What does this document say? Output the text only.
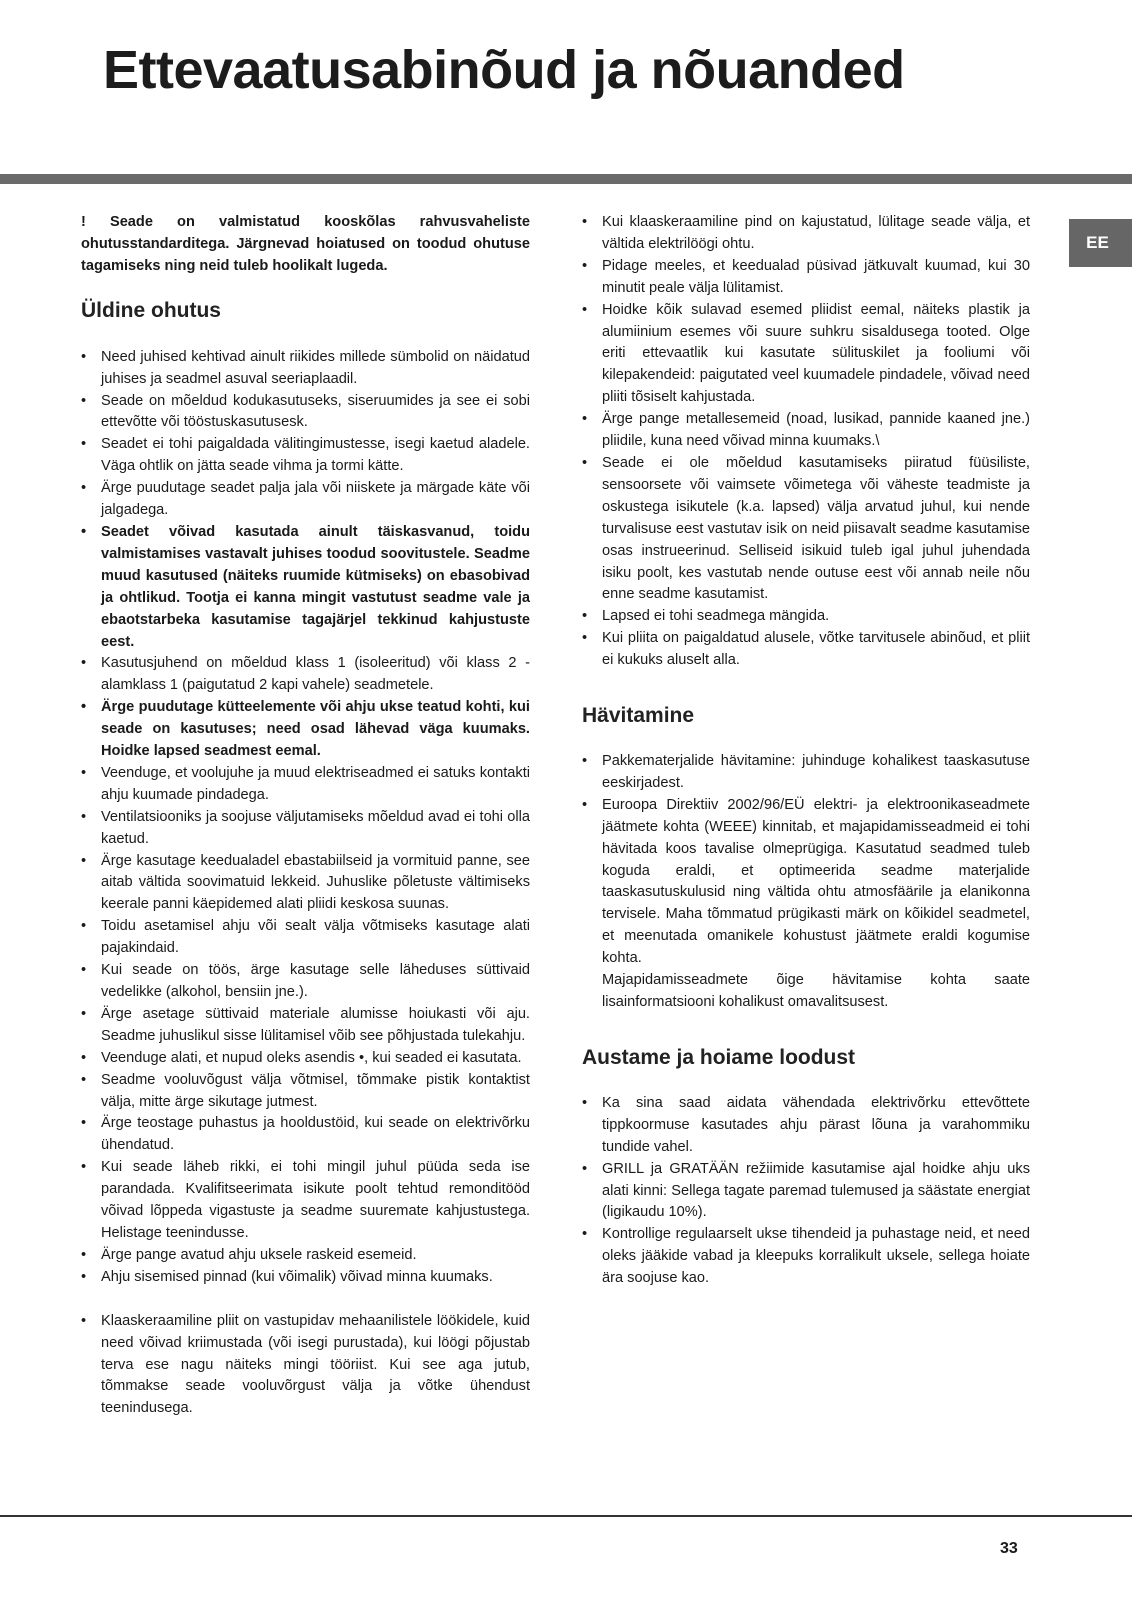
Ettevaatusabinõud ja nõuanded
EE

! Seade on valmistatud kooskõlas rahvusvaheliste ohutusstandarditega. Järgnevad hoiatused on toodud ohutuse tagamiseks ning neid tuleb hoolikalt lugeda.

Üldine ohutus
• Need juhised kehtivad ainult riikides millede sümbolid on näidatud juhises ja seadmel asuval seeriaplaadil.
• Seade on mõeldud kodukasutuseks, siseruumides ja see ei sobi ettevõtte või tööstuskasutusesk.
• Seadet ei tohi paigaldada välitingimustesse, isegi kaetud aladele. Väga ohtlik on jätta seade vihma ja tormi kätte.
• Ärge puudutage seadet palja jala või niiskete ja märgade käte või jalgadega.
• Seadet võivad kasutada ainult täiskasvanud, toidu valmistamises vastavalt juhises toodud soovitustele. Seadme muud kasutused (näiteks ruumide kütmiseks) on ebasobivad ja ohtlikud. Tootja ei kanna mingit vastutust seadme vale ja ebaotstarbeka kasutamise tagajärjel tekkinud kahjustuste eest.
• Kasutusjuhend on mõeldud klass 1 (isoleeritud) või klass 2 - alamklass 1 (paigutatud 2 kapi vahele) seadmetele.
• Ärge puudutage kütteelemente või ahju ukse teatud kohti, kui seade on kasutuses; need osad lähevad väga kuumaks. Hoidke lapsed seadmest eemal.
• Veenduge, et voolujuhe ja muud elektriseadmed ei satuks kontakti ahju kuumade pindadega.
• Ventilatsiooniks ja soojuse väljutamiseks mõeldud avad ei tohi olla kaetud.
• Ärge kasutage keedualadel ebastabiilseid ja vormituid panne, see aitab vältida soovimatuid lekkeid. Juhuslike põletuste vältimiseks keerale panni käepidemed alati pliidi keskosa suunas.
• Toidu asetamisel ahju või sealt välja võtmiseks kasutage alati pajakindaid.
• Kui seade on töös, ärge kasutage selle läheduses süttivaid vedelikke (alkohol, bensiin jne.).
• Ärge asetage süttivaid materiale alumisse hoiukasti või aju. Seadme juhuslikul sisse lülitamisel võib see põhjustada tulekahju.
• Veenduge alati, et nupud oleks asendis •, kui seaded ei kasutata.
• Seadme vooluvõgust välja võtmisel, tõmmake pistik kontaktist välja, mitte ärge sikutage jutmest.
• Ärge teostage puhastus ja hooldustöid, kui seade on elektrivõrku ühendatud.
• Kui seade läheb rikki, ei tohi mingil juhul püüda seda ise parandada. Kvalifitseerimata isikute poolt tehtud remonditööd võivad lõppeda vigastuste ja seadme suuremate kahjustustega. Helistage teenindusse.
• Ärge pange avatud ahju uksele raskeid esemeid.
• Ahju sisemised pinnad (kui võimalik) võivad minna kuumaks.
• Klaaskeraamiline pliit on vastupidav mehaanilistele löökidele, kuid need võivad kriimustada (või isegi purustada), kui löögi põjustab terva ese nagu näiteks mingi tööriist. Kui see aga jutub, tõmmakse seade vooluvõrgust välja ja võtke ühendust teenindusega.
• Kui klaaskeraamiline pind on kajustatud, lülitage seade välja, et vältida elektrilöögi ohtu.
• Pidage meeles, et keedualad püsivad jätkuvalt kuumad, kui 30 minutit peale välja lülitamist.
• Hoidke kõik sulavad esemed pliidist eemal, näiteks plastik ja alumiinium esemes või suure suhkru sisaldusega tooted. Olge eriti ettevaatlik kui kasutate sülituskilet ja fooliumi või kilepakendeid: paigutated veel kuumadele pindadele, võivad need pliiti tõsiselt kahjustada.
• Ärge pange metallesemeid (noad, lusikad, pannide kaaned jne.) pliidile, kuna need võivad minna kuumaks.\
• Seade ei ole mõeldud kasutamiseks piiratud füüsiliste, sensoorsete või vaimsete võimetega või väheste teadmiste ja oskustega isikutele (k.a. lapsed) välja arvatud juhul, kui nende turvalisuse eest vastutav isik on neid piisavalt seadme kasutamise osas instrueerinud. Selliseid isikuid tuleb igal juhul juhendada isiku poolt, kes vastutab nende outuse eest või annab neile nõu enne seadme kasutamist.
• Lapsed ei tohi seadmega mängida.
• Kui pliita on paigaldatud alusele, võtke tarvitusele abinõud, et pliit ei kukuks aluselt alla.
Hävitamine
• Pakkematerjalide hävitamine: juhinduge kohalikest taaskasutuse eeskirjadest.
• Euroopa Direktiiv 2002/96/EÜ elektri- ja elektroonikaseadmete jäätmete kohta (WEEE) kinnitab, et majapidamisseadmeid ei tohi hävitada koos tavalise olmeprügiga. Kasutatud seadmed tuleb koguda eraldi, et optimeerida seadme materjalide taaskasutuskulusid ning vältida ohtu atmosfäärile ja elanikonna tervisele. Maha tõmmatud prügikasti märk on kõikidel seadmetel, et meenutada omanikele kohustust jäätmete eraldi kogumise kohta.
Majapidamisseadmete õige hävitamise kohta saate lisainformatsiooni kohalikust omavalitsusest.
Austame ja hoiame loodust
• Ka sina saad aidata vähendada elektrivõrku ettevõttete tippkoormuse kasutades ahju pärast lõuna ja varahommiku tundide vahel.
• GRILL ja GRATÄÄN režiimide kasutamise ajal hoidke ahju uks alati kinni: Sellega tagate paremad tulemused ja säästate energiat (ligikaudu 10%).
• Kontrollige regulaarselt ukse tihendeid ja puhastage neid, et need oleks jääkide vabad ja kleepuks korralikult uksele, sellega hoiate ära soojuse kao.
33
